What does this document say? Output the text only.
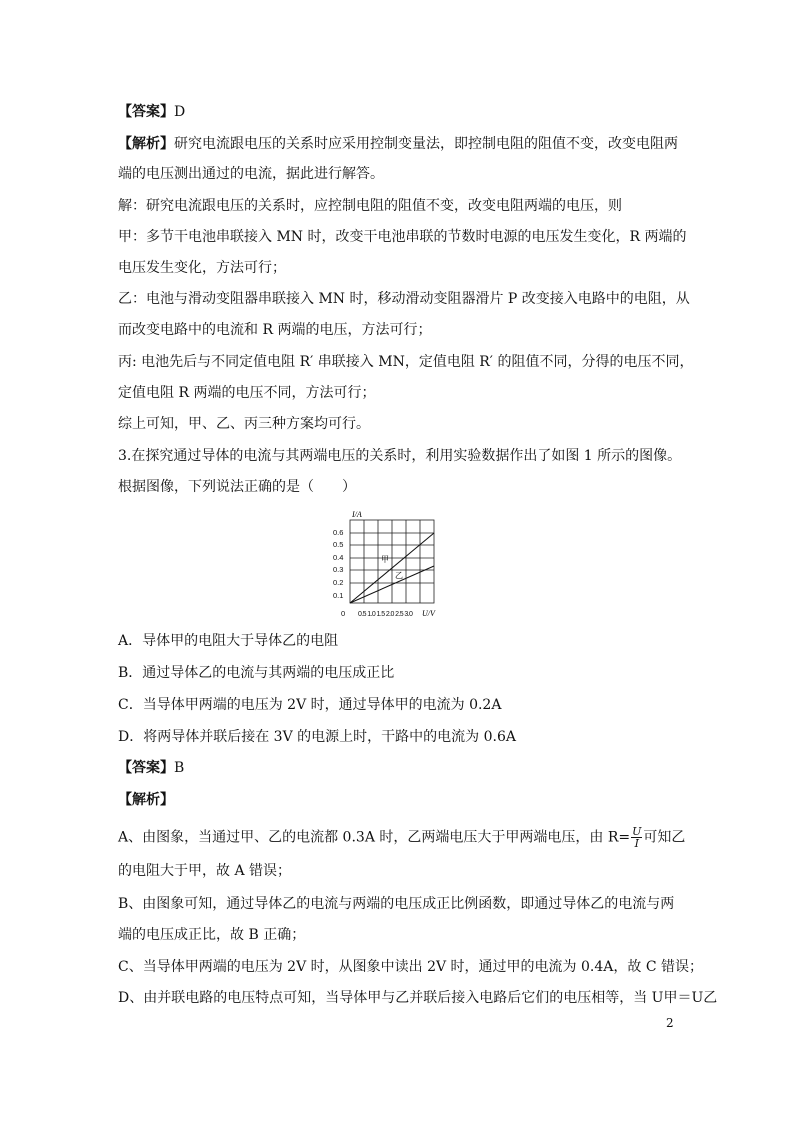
【答案】D
【解析】研究电流跟电压的关系时应采用控制变量法，即控制电阻的阻值不变，改变电阻两
端的电压测出通过的电流，据此进行解答。
解：研究电流跟电压的关系时，应控制电阻的阻值不变，改变电阻两端的电压，则
甲：多节干电池串联接入 MN 时，改变干电池串联的节数时电源的电压发生变化，R 两端的
电压发生变化，方法可行；
乙：电池与滑动变阻器串联接入 MN 时，移动滑动变阻器滑片 P 改变接入电路中的电阻，从
而改变电路中的电流和 R 两端的电压，方法可行；
丙: 电池先后与不同定值电阻 R′ 串联接入 MN，定值电阻 R′ 的阻值不同，分得的电压不同，
定值电阻 R 两端的电压不同，方法可行；
综上可知，甲、乙、丙三种方案均可行。
3.在探究通过导体的电流与其两端电压的关系时，利用实验数据作出了如图 1 所示的图像。
根据图像，下列说法正确的是（　　）
I/A
0.6
0.5
0.4
0.3
0.2
0.1
0 0.5 1.0 1.5 2.0 2.5 3.0 U/V
甲
乙
A．导体甲的电阻大于导体乙的电阻
B．通过导体乙的电流与其两端的电压成正比
C．当导体甲两端的电压为 2V 时，通过导体甲的电流为 0.2A
D．将两导体并联后接在 3V 的电源上时，干路中的电流为 0.6A
【答案】B
【解析】
A、由图象，当通过甲、乙的电流都 0.3A 时，乙两端电压大于甲两端电压，由 $R= \frac{U}{I}$ 可知乙
的电阻大于甲，故 A 错误；
B、由图象可知，通过导体乙的电流与两端的电压成正比例函数，即通过导体乙的电流与两
端的电压成正比，故 B 正确；
C、当导体甲两端的电压为 2V 时，从图象中读出 2V 时，通过甲的电流为 0.4A，故 C 错误；
D、由并联电路的电压特点可知，当导体甲与乙并联后接入电路后它们的电压相等，当 U甲＝U乙
2
